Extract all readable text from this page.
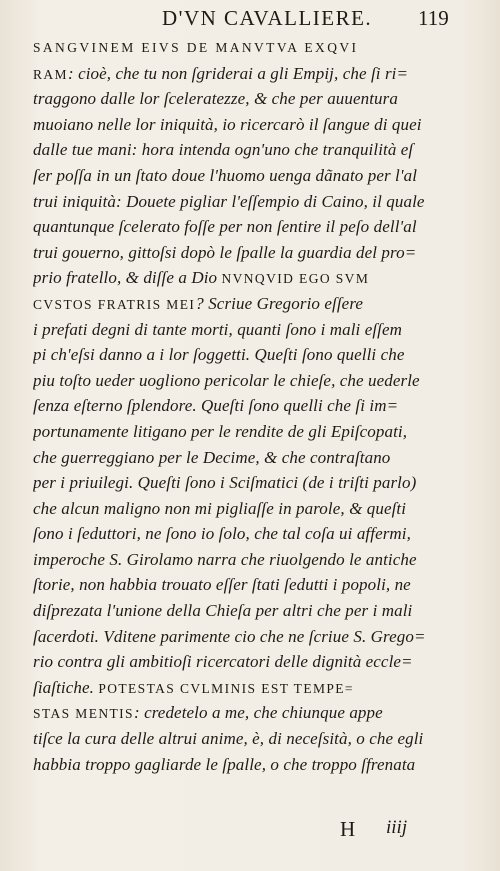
D'VN CAVALLIERE. 119
SANGVINEM EIVS DE MANVTVA EXQVI
RAM: cioè, che tu non ſgriderai a gli Empij, che ſi ri=
traggono dalle lor ſceleratezze, & che per auuentura
muoiano nelle lor iniquità, io ricercarò il ſangue di quei
dalle tue mani: hora intenda ogn'uno che tranquilità eſ
ſer poſſa in un ſtato doue l'huomo uenga dãnato per l'al
trui iniquità: Douete pigliar l'eſſempio di Caino, il quale
quantunque ſcelerato foſſe per non ſentire il peſo dell'al
trui gouerno, gittoſsi dopò le ſpalle la guardia del pro=
prio fratello, & diſſe a Dio NVNQVID EGO SVM
CVSTOS FRATRIS MEI? Scriue Gregorio eſſere
i prefati degni di tante morti, quanti ſono i mali eſſem
pi ch'eſsi danno a i lor ſoggetti. Queſti ſono quelli che
piu toſto ueder uogliono pericolar le chieſe, che uederle
ſenza eſterno ſplendore. Queſti ſono quelli che ſi im=
portunamente litigano per le rendite de gli Epiſcopati,
che guerreggiano per le Decime, & che contraſtano
per i priuilegi. Queſti ſono i Sciſmatici (de i triſti parlo)
che alcun maligno non mi pigliaſſe in parole, & queſti
ſono i ſeduttori, ne ſono io ſolo, che tal coſa ui affermi,
imperoche S. Girolamo narra che riuolgendo le antiche
ſtorie, non habbia trouato eſſer ſtati ſedutti i popoli, ne
diſprezata l'unione della Chieſa per altri che per i mali
ſacerdoti. Vditene parimente cio che ne ſcriue S. Grego=
rio contra gli ambitioſi ricercatori delle dignità eccle=
ſiaſtiche. POTESTAS CVLMINIS EST TEMPE=
STAS MENTIS: credetelo a me, che chiunque appe
tiſce la cura delle altrui anime, è, di neceſsità, o che egli
habbia troppo gagliarde le ſpalle, o che troppo ſfrenata
H iiij
